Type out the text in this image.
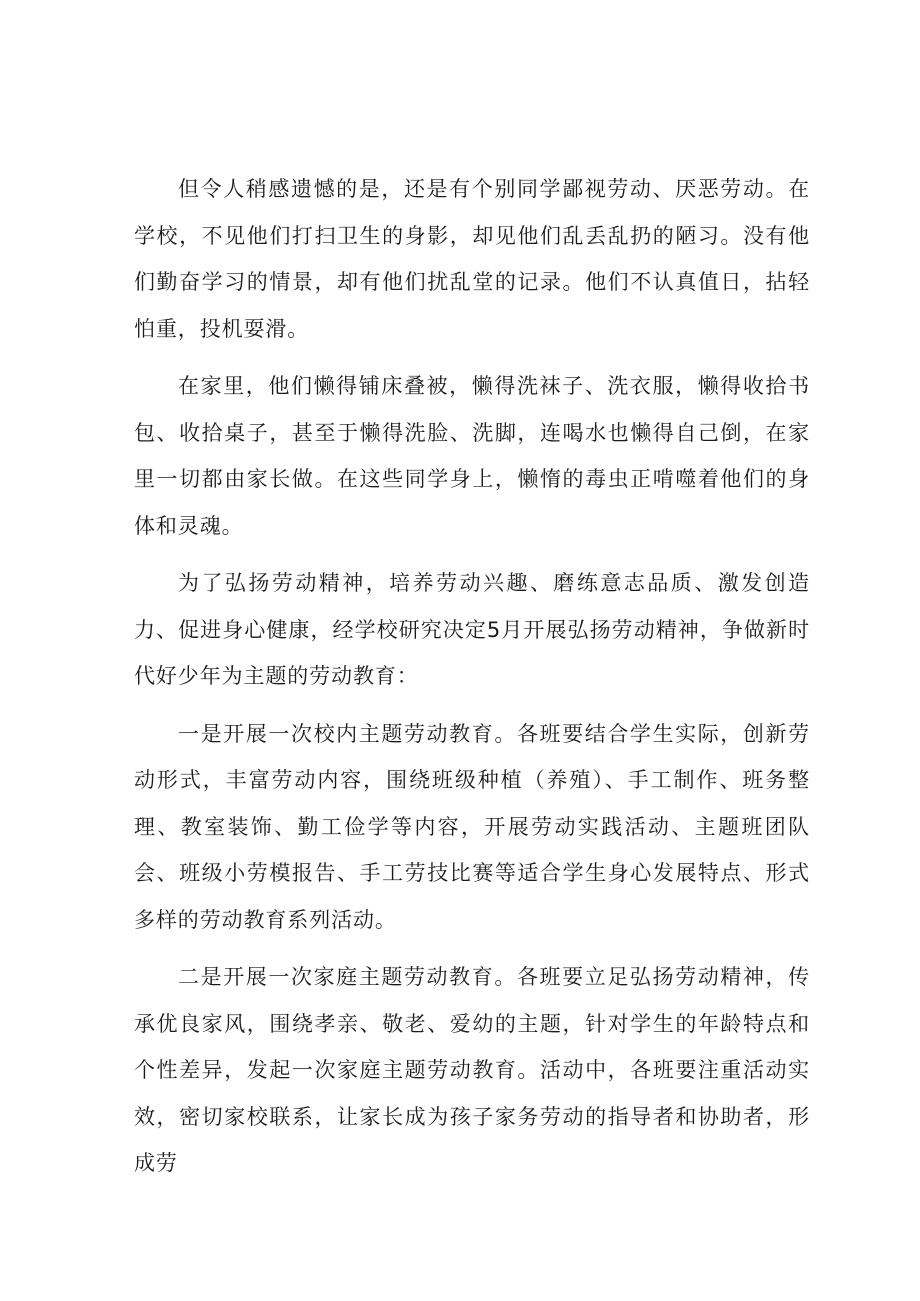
但令人稍感遗憾的是，还是有个别同学鄙视劳动、厌恶劳动。在学校，不见他们打扫卫生的身影，却见他们乱丢乱扔的陋习。没有他们勤奋学习的情景，却有他们扰乱堂的记录。他们不认真值日，拈轻怕重，投机耍滑。

在家里，他们懒得铺床叠被，懒得洗袜子、洗衣服，懒得收拾书包、收拾桌子，甚至于懒得洗脸、洗脚，连喝水也懒得自己倒，在家里一切都由家长做。在这些同学身上，懒惰的毒虫正啃噬着他们的身体和灵魂。

为了弘扬劳动精神，培养劳动兴趣、磨练意志品质、激发创造力、促进身心健康，经学校研究决定5月开展弘扬劳动精神，争做新时代好少年为主题的劳动教育：

一是开展一次校内主题劳动教育。各班要结合学生实际，创新劳动形式，丰富劳动内容，围绕班级种植（养殖）、手工制作、班务整理、教室装饰、勤工俭学等内容，开展劳动实践活动、主题班团队会、班级小劳模报告、手工劳技比赛等适合学生身心发展特点、形式多样的劳动教育系列活动。

二是开展一次家庭主题劳动教育。各班要立足弘扬劳动精神，传承优良家风，围绕孝亲、敬老、爱幼的主题，针对学生的年龄特点和个性差异，发起一次家庭主题劳动教育。活动中，各班要注重活动实效，密切家校联系，让家长成为孩子家务劳动的指导者和协助者，形成劳
